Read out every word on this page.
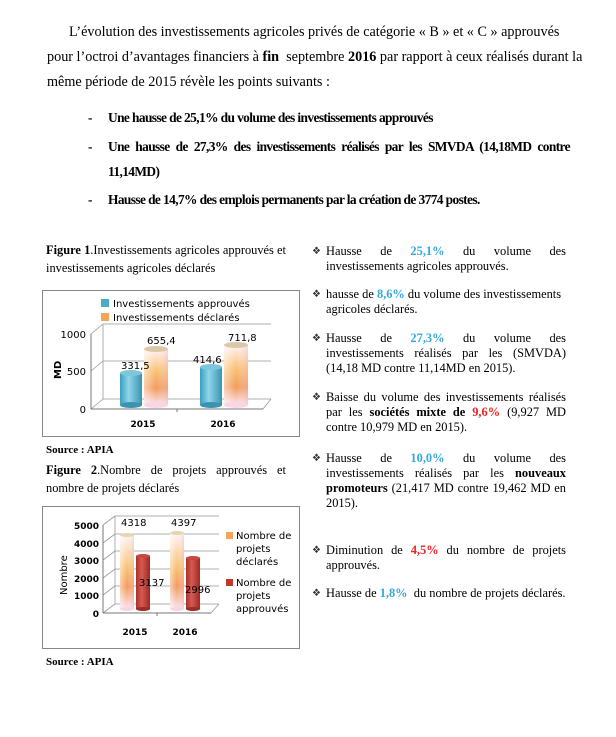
L’évolution des investissements agricoles privés de catégorie « B » et « C » approuvés
pour l’octroi d’avantages financiers à fin  septembre 2016 par rapport à ceux réalisés durant la
même période de 2015 révèle les points suivants :
-	Une hausse de 25,1% du volume des investissements approuvés
-	Une hausse de 27,3% des investissements réalisés par les SMVDA (14,18MD contre 11,14MD)
-	Hausse de 14,7% des emplois permanents par la création de 3774 postes.
Figure 1.Investissements agricoles approuvés et investissements agricoles déclarés
Investissements approuvés
Investissements déclarés
0
500
1000
MD	331,5
655,4
414,6
711,8
2015	2016
Source : APIA
Figure 2.Nombre de projets approuvés et nombre de projets déclarés
0
1000
2000
3000
4000
5000
Nombre
4318
3137
4397
2996
2015	2016
Nombre de
projets
déclarés
Nombre de
projets
approuvés
Source : APIA
❖ Hausse de 25,1% du volume des investissements agricoles approuvés.
❖ hausse de 8,6% du volume des investissements agricoles déclarés.
❖ Hausse de 27,3% du volume des investissements réalisés par les (SMVDA) (14,18 MD contre 11,14MD en 2015).
❖ Baisse du volume des investissements réalisés par les sociétés mixte de 9,6% (9,927 MD contre 10,979 MD en 2015).
❖ Hausse de 10,0% du volume des investissements réalisés par les nouveaux promoteurs (21,417 MD contre 19,462 MD en 2015).
❖ Diminution de 4,5% du nombre de projets approuvés.
❖ Hausse de 1,8%  du nombre de projets déclarés.
